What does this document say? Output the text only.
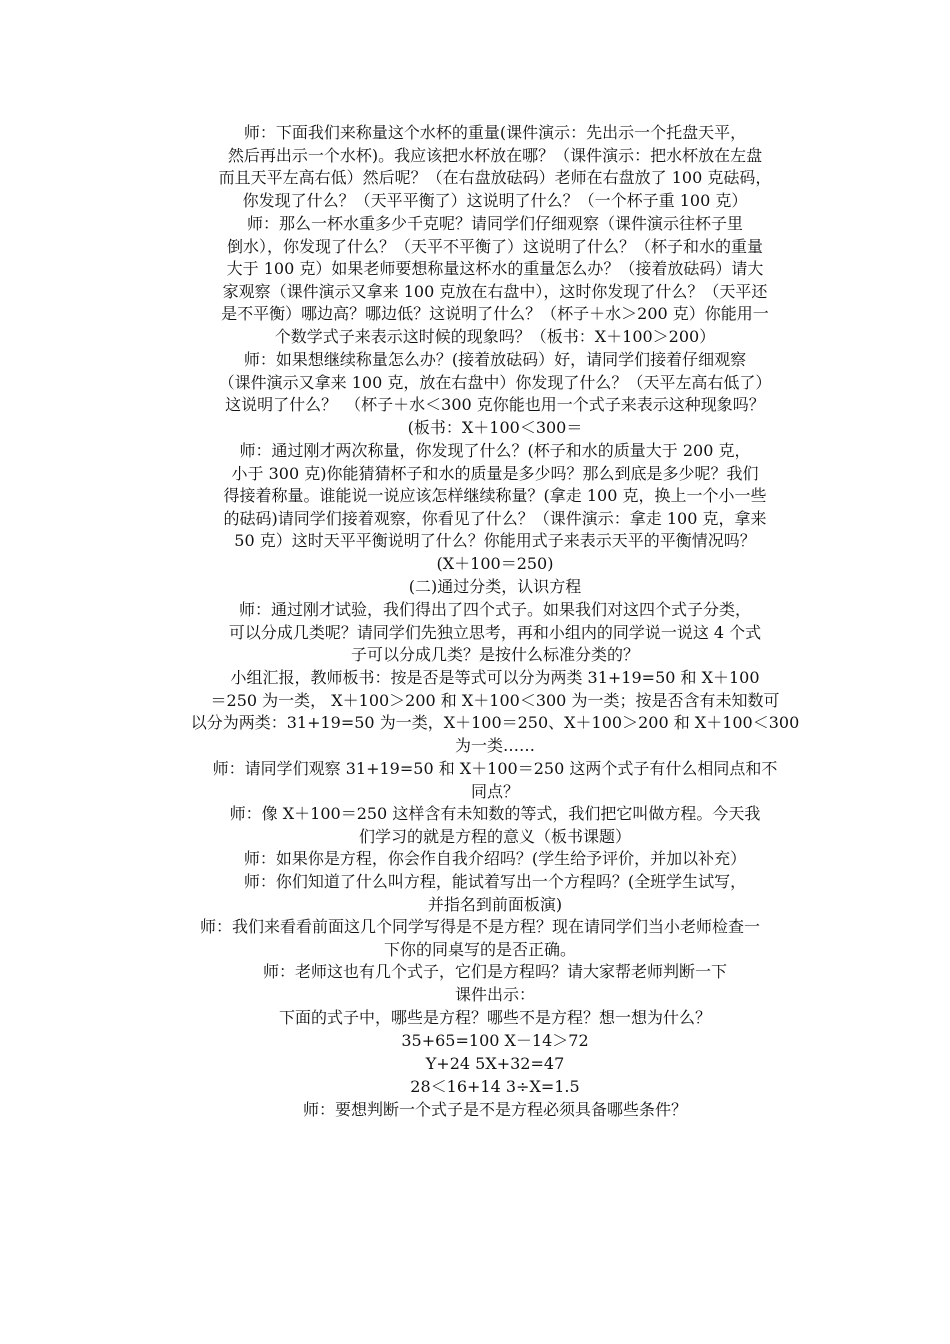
师：下面我们来称量这个水杯的重量(课件演示：先出示一个托盘天平，
然后再出示一个水杯)。我应该把水杯放在哪？（课件演示：把水杯放在左盘
而且天平左高右低）然后呢？（在右盘放砝码）老师在右盘放了 100 克砝码，
你发现了什么？（天平平衡了）这说明了什么？（一个杯子重 100 克）
师：那么一杯水重多少千克呢？请同学们仔细观察（课件演示往杯子里
倒水），你发现了什么？（天平不平衡了）这说明了什么？（杯子和水的重量
大于 100 克）如果老师要想称量这杯水的重量怎么办？（接着放砝码）请大
家观察（课件演示又拿来 100 克放在右盘中），这时你发现了什么？（天平还
是不平衡）哪边高？哪边低？这说明了什么？（杯子＋水＞200 克）你能用一
个数学式子来表示这时候的现象吗？（板书：X＋100＞200）
师：如果想继续称量怎么办？(接着放砝码）好，请同学们接着仔细观察
（课件演示又拿来 100 克，放在右盘中）你发现了什么？（天平左高右低了）
这说明了什么？　（杯子＋水＜300 克你能也用一个式子来表示这种现象吗？
(板书：X＋100＜300＝
师：通过刚才两次称量，你发现了什么？(杯子和水的质量大于 200 克，
小于 300 克)你能猜猜杯子和水的质量是多少吗？那么到底是多少呢？我们
得接着称量。谁能说一说应该怎样继续称量？(拿走 100 克，换上一个小一些
的砝码)请同学们接着观察，你看见了什么？（课件演示：拿走 100 克，拿来
50 克）这时天平平衡说明了什么？你能用式子来表示天平的平衡情况吗？
(X＋100＝250)
(二)通过分类，认识方程
师：通过刚才试验，我们得出了四个式子。如果我们对这四个式子分类，
可以分成几类呢？请同学们先独立思考，再和小组内的同学说一说这 4 个式
子可以分成几类？是按什么标准分类的？
小组汇报，教师板书：按是否是等式可以分为两类 31+19=50 和 X＋100
＝250 为一类， X＋100＞200 和 X＋100＜300 为一类；按是否含有未知数可
以分为两类：31+19=50 为一类，X＋100＝250、X＋100＞200 和 X＋100＜300
为一类……
师：请同学们观察 31+19=50 和 X＋100＝250 这两个式子有什么相同点和不
同点？
师：像 X＋100＝250 这样含有未知数的等式，我们把它叫做方程。今天我
们学习的就是方程的意义（板书课题）
师：如果你是方程，你会作自我介绍吗？(学生给予评价，并加以补充）
师：你们知道了什么叫方程，能试着写出一个方程吗？(全班学生试写，
并指名到前面板演)
师：我们来看看前面这几个同学写得是不是方程？现在请同学们当小老师检查一
下你的同桌写的是否正确。
师：老师这也有几个式子，它们是方程吗？请大家帮老师判断一下
课件出示：
下面的式子中，哪些是方程？哪些不是方程？想一想为什么？
35+65=100 X－14＞72
Y+24 5X+32=47
28＜16+14 3÷X=1.5
师：要想判断一个式子是不是方程必须具备哪些条件？
